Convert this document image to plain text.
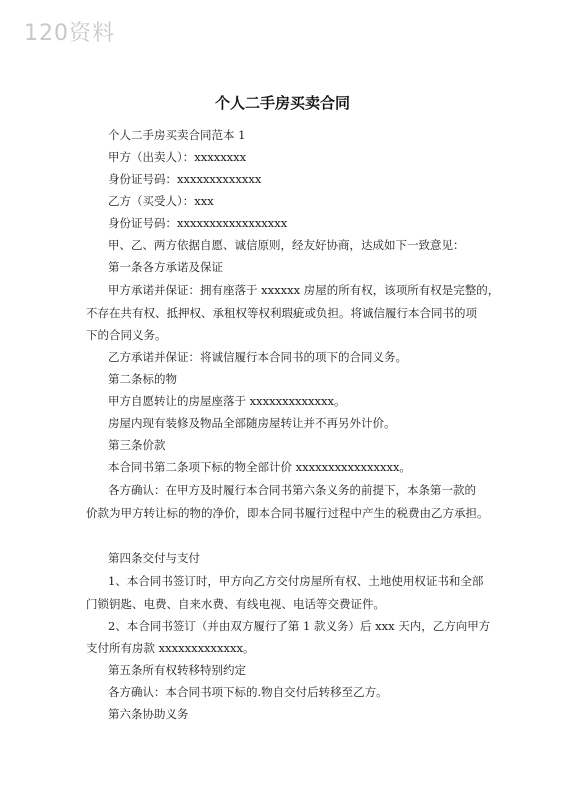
120资料
个人二手房买卖合同
个人二手房买卖合同范本 1
甲方（出卖人）：xxxxxxxx
身份证号码：xxxxxxxxxxxxx
乙方（买受人）：xxx
身份证号码：xxxxxxxxxxxxxxxxx
甲、乙、两方依据自愿、诚信原则，经友好协商，达成如下一致意见：
第一条各方承诺及保证
甲方承诺并保证：拥有座落于 xxxxxx 房屋的所有权，该项所有权是完整的，
不存在共有权、抵押权、承租权等权利瑕疵或负担。将诚信履行本合同书的项
下的合同义务。
乙方承诺并保证：将诚信履行本合同书的项下的合同义务。
第二条标的物
甲方自愿转让的房屋座落于 xxxxxxxxxxxxx。
房屋内现有装修及物品全部随房屋转让并不再另外计价。
第三条价款
本合同书第二条项下标的物全部计价 xxxxxxxxxxxxxxxx。
各方确认：在甲方及时履行本合同书第六条义务的前提下，本条第一款的
价款为甲方转让标的物的净价，即本合同书履行过程中产生的税费由乙方承担。
第四条交付与支付
1、本合同书签订时，甲方向乙方交付房屋所有权、土地使用权证书和全部
门锁钥匙、电费、自来水费、有线电视、电话等交费证件。
2、本合同书签订（并由双方履行了第 1 款义务）后 xxx 天内，乙方向甲方
支付所有房款 xxxxxxxxxxxxx。
第五条所有权转移特别约定
各方确认：本合同书项下标的.物自交付后转移至乙方。
第六条协助义务
